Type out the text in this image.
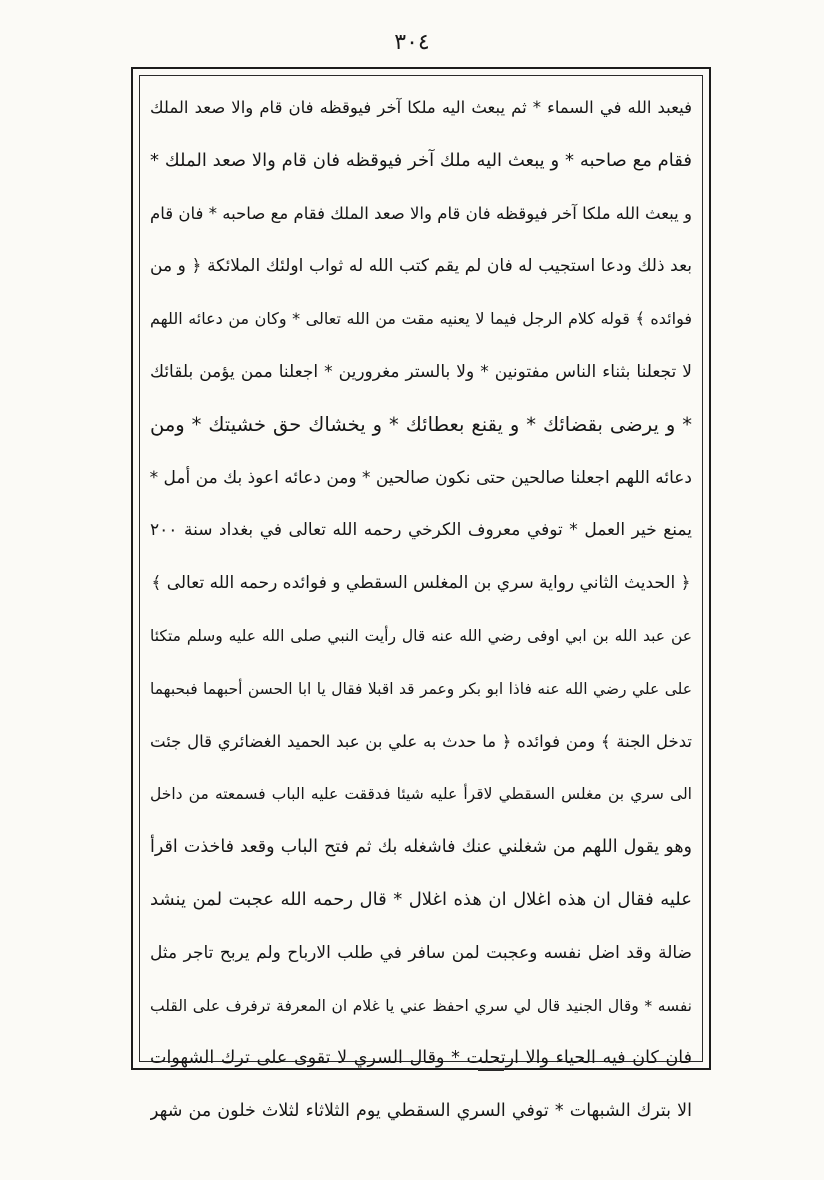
٣٠٤
فيعبد الله في السماء * ثم يبعث اليه ملكا آخر فيوقظه فان قام والا صعد الملك
فقام مع صاحبه * و يبعث اليه ملك آخر فيوقظه فان قام والا صعد الملك *
و يبعث الله ملكا آخر فيوقظه فان قام والا صعد الملك فقام مع صاحبه * فان قام
بعد ذلك ودعا استجيب له فان لم يقم كتب الله له ثواب اولئك الملائكة ﴿ و من
فوائده ﴾ قوله كلام الرجل فيما لا يعنيه مقت من الله تعالى * وكان من دعائه اللهم
لا تجعلنا بثناء الناس مفتونين * ولا بالستر مغرورين * اجعلنا ممن يؤمن بلقائك
* و يرضى بقضائك * و يقنع بعطائك * و يخشاك حق خشيتك * ومن
دعائه اللهم اجعلنا صالحين حتى نكون صالحين * ومن دعائه اعوذ بك من أمل *
يمنع خير العمل * توفي معروف الكرخي رحمه الله تعالى في بغداد سنة ٢٠٠
﴿ الحديث الثاني رواية سري بن المغلس السقطي و فوائده رحمه الله تعالى ﴾
عن عبد الله بن ابي اوفى رضي الله عنه قال رأيت النبي صلى الله عليه وسلم متكئا
على علي رضي الله عنه فاذا ابو بكر وعمر قد اقبلا فقال يا ابا الحسن أحبهما فبحبهما
تدخل الجنة ﴾ ومن فوائده ﴿ ما حدث به علي بن عبد الحميد الغضائري قال جئت
الى سري بن مغلس السقطي لاقرأ عليه شيئا فدققت عليه الباب فسمعته من داخل
وهو يقول اللهم من شغلني عنك فاشغله بك ثم فتح الباب وقعد فاخذت اقرأ
عليه فقال ان هذه اغلال ان هذه اغلال * قال رحمه الله عجبت لمن ينشد
ضالة وقد اضل نفسه وعجبت لمن سافر في طلب الارباح ولم يربح تاجر مثل
نفسه * وقال الجنيد قال لي سري احفظ عني يا غلام ان المعرفة ترفرف على القلب
فان كان فيه الحياء والا ارتحلت * وقال السري لا تقوى على ترك الشهوات
الا بترك الشبهات * توفي السري السقطي يوم الثلاثاء لثلاث خلون من شهر
